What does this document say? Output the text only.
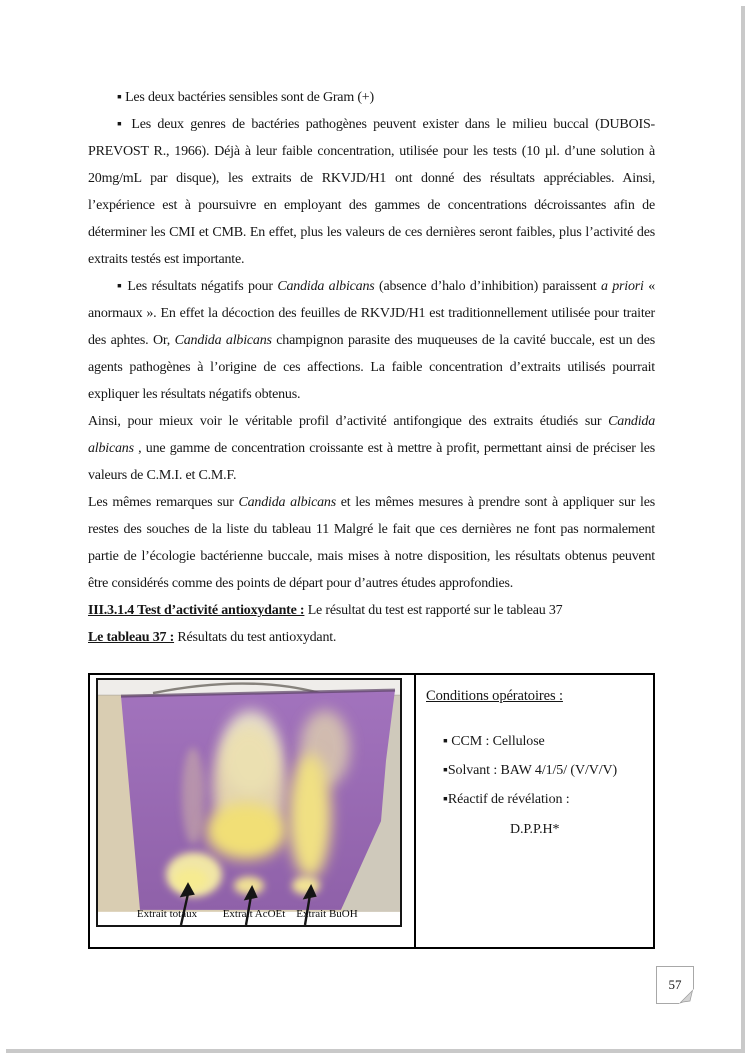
▪ Les deux bactéries sensibles sont de Gram (+)

▪ Les deux genres de bactéries pathogènes peuvent exister dans le milieu buccal (DUBOIS-PREVOST R., 1966). Déjà à leur faible concentration, utilisée pour les tests (10 µl. d’une solution à 20mg/mL par disque), les extraits de RKVJD/H1 ont donné des résultats appréciables. Ainsi, l’expérience est à poursuivre en employant des gammes de concentrations décroissantes afin de déterminer les CMI et CMB. En effet, plus les valeurs de ces dernières seront faibles, plus l’activité des extraits testés est importante.

▪ Les résultats négatifs pour Candida albicans (absence d’halo d’inhibition) paraissent a priori « anormaux ». En effet la décoction des feuilles de RKVJD/H1 est traditionnellement utilisée pour traiter des aphtes. Or, Candida albicans champignon parasite des muqueuses de la cavité buccale, est un des agents pathogènes à l’origine de ces affections. La faible concentration d’extraits utilisés pourrait expliquer les résultats négatifs obtenus.

Ainsi, pour mieux voir le véritable profil d’activité antifongique des extraits étudiés sur Candida albicans , une gamme de concentration croissante est à mettre à profit, permettant ainsi de préciser les valeurs de C.M.I. et C.M.F.

Les mêmes remarques sur Candida albicans et les mêmes mesures à prendre sont à appliquer sur les restes des souches de la liste du tableau 11 Malgré le fait que ces dernières ne font pas normalement partie de l’écologie bactérienne buccale, mais mises à notre disposition, les résultats obtenus peuvent être considérés comme des points de départ pour d’autres études approfondies.

III.3.1.4 Test d’activité antioxydante : Le résultat du test est rapporté sur le tableau 37

Le tableau 37 : Résultats du test antioxydant.

Extrait totaux Extrait AcOEt Extrait BuOH
Conditions opératoires :
▪ CCM : Cellulose
▪Solvant : BAW 4/1/5/ (V/V/V)
▪Réactif de révélation :
D.P.P.H*
57
